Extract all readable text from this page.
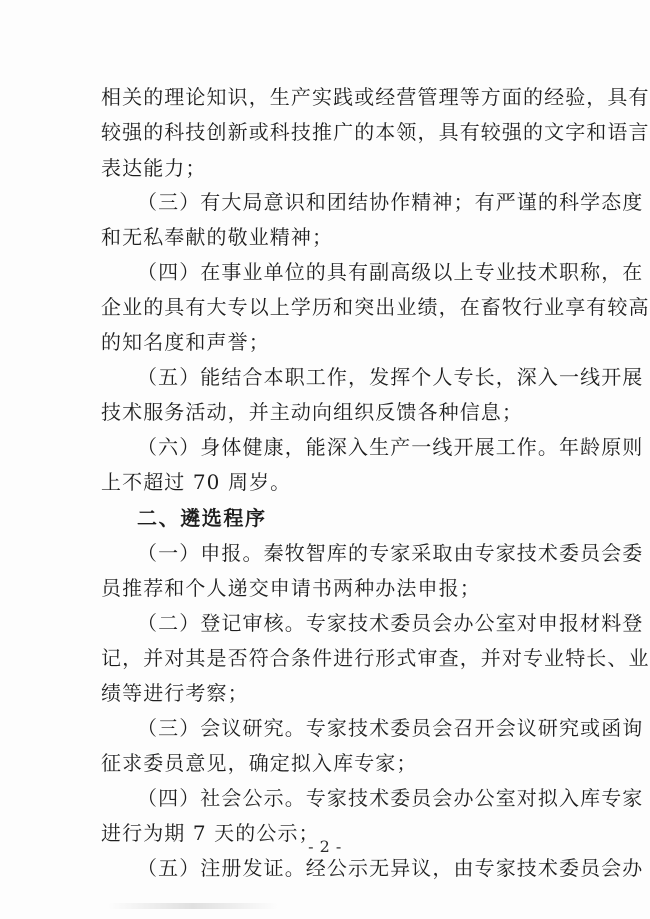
相关的理论知识，生产实践或经营管理等方面的经验，具有
较强的科技创新或科技推广的本领，具有较强的文字和语言
表达能力；
（三）有大局意识和团结协作精神；有严谨的科学态度
和无私奉献的敬业精神；
（四）在事业单位的具有副高级以上专业技术职称，在
企业的具有大专以上学历和突出业绩，在畜牧行业享有较高
的知名度和声誉；
（五）能结合本职工作，发挥个人专长，深入一线开展
技术服务活动，并主动向组织反馈各种信息；
（六）身体健康，能深入生产一线开展工作。年龄原则
上不超过 70 周岁。
二、遴选程序
（一）申报。秦牧智库的专家采取由专家技术委员会委
员推荐和个人递交申请书两种办法申报；
（二）登记审核。专家技术委员会办公室对申报材料登
记，并对其是否符合条件进行形式审查，并对专业特长、业
绩等进行考察；
（三）会议研究。专家技术委员会召开会议研究或函询
征求委员意见，确定拟入库专家；
（四）社会公示。专家技术委员会办公室对拟入库专家
进行为期 7 天的公示；
（五）注册发证。经公示无异议，由专家技术委员会办
- 2 -
